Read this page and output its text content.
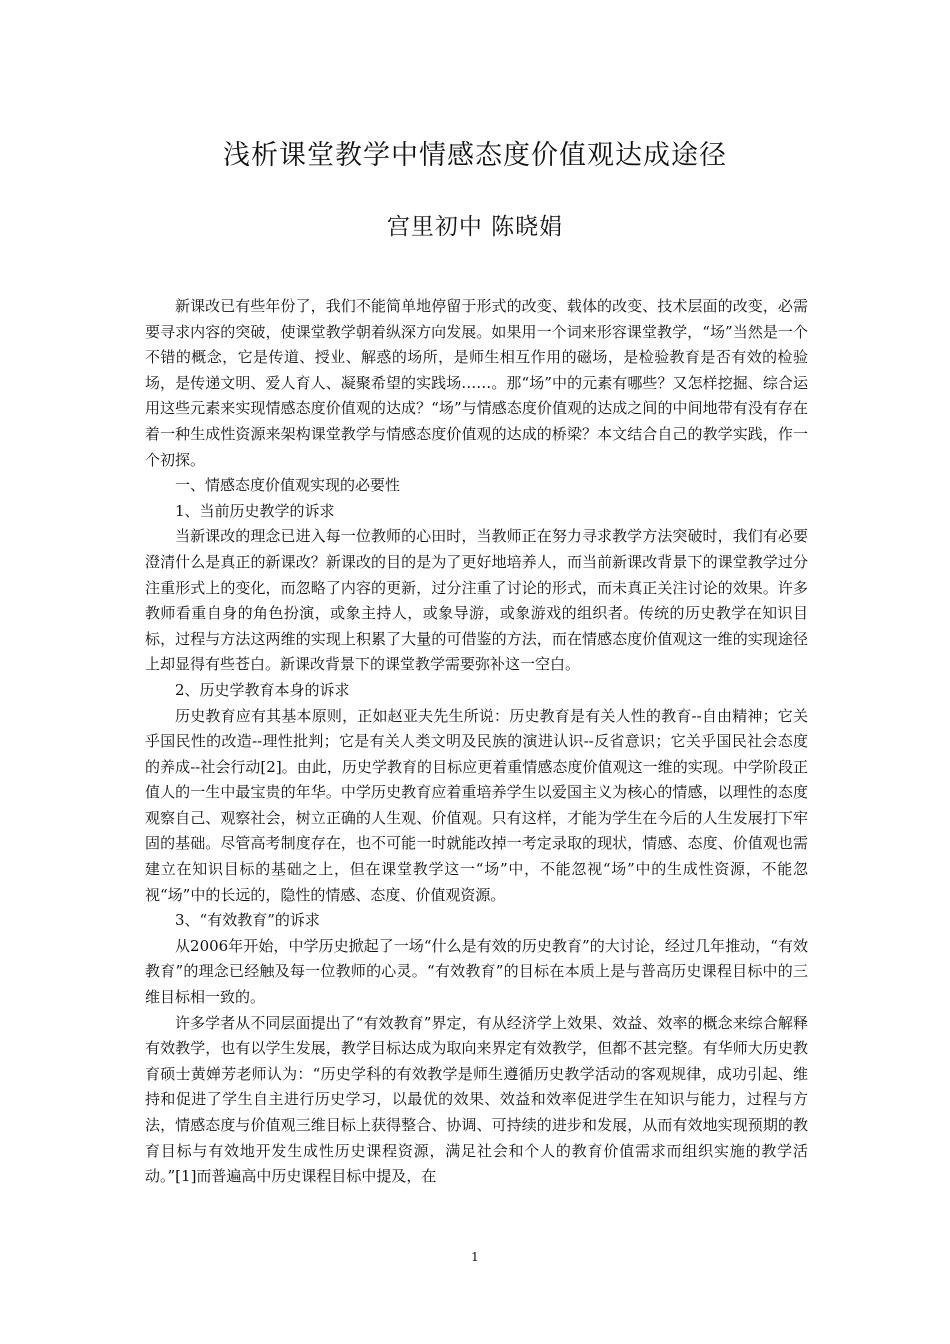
浅析课堂教学中情感态度价值观达成途径
宫里初中 陈晓娟

新课改已有些年份了，我们不能简单地停留于形式的改变、载体的改变、技术层面的改变，必需要寻求内容的突破，使课堂教学朝着纵深方向发展。如果用一个词来形容课堂教学，“场”当然是一个不错的概念，它是传道、授业、解惑的场所，是师生相互作用的磁场，是检验教育是否有效的检验场，是传递文明、爱人育人、凝聚希望的实践场……。那“场”中的元素有哪些？又怎样挖掘、综合运用这些元素来实现情感态度价值观的达成？“场”与情感态度价值观的达成之间的中间地带有没有存在着一种生成性资源来架构课堂教学与情感态度价值观的达成的桥梁？本文结合自己的教学实践，作一个初探。

一、情感态度价值观实现的必要性

1、当前历史教学的诉求

当新课改的理念已进入每一位教师的心田时，当教师正在努力寻求教学方法突破时，我们有必要澄清什么是真正的新课改？新课改的目的是为了更好地培养人，而当前新课改背景下的课堂教学过分注重形式上的变化，而忽略了内容的更新，过分注重了讨论的形式，而未真正关注讨论的效果。许多教师看重自身的角色扮演，或象主持人，或象导游，或象游戏的组织者。传统的历史教学在知识目标，过程与方法这两维的实现上积累了大量的可借鉴的方法，而在情感态度价值观这一维的实现途径上却显得有些苍白。新课改背景下的课堂教学需要弥补这一空白。

2、历史学教育本身的诉求

历史教育应有其基本原则，正如赵亚夫先生所说：历史教育是有关人性的教育--自由精神；它关乎国民性的改造--理性批判；它是有关人类文明及民族的演进认识--反省意识；它关乎国民社会态度的养成--社会行动[2]。由此，历史学教育的目标应更着重情感态度价值观这一维的实现。中学阶段正值人的一生中最宝贵的年华。中学历史教育应着重培养学生以爱国主义为核心的情感，以理性的态度观察自己、观察社会，树立正确的人生观、价值观。只有这样，才能为学生在今后的人生发展打下牢固的基础。尽管高考制度存在，也不可能一时就能改掉一考定录取的现状，情感、态度、价值观也需建立在知识目标的基础之上，但在课堂教学这一“场”中，不能忽视“场”中的生成性资源，不能忽视“场”中的长远的，隐性的情感、态度、价值观资源。

3、“有效教育”的诉求

从2006年开始，中学历史掀起了一场“什么是有效的历史教育”的大讨论，经过几年推动，“有效教育”的理念已经触及每一位教师的心灵。“有效教育”的目标在本质上是与普高历史课程目标中的三维目标相一致的。

许多学者从不同层面提出了“有效教育”界定，有从经济学上效果、效益、效率的概念来综合解释有效教学，也有以学生发展，教学目标达成为取向来界定有效教学，但都不甚完整。有华师大历史教育硕士黄婵芳老师认为：“历史学科的有效教学是师生遵循历史教学活动的客观规律，成功引起、维持和促进了学生自主进行历史学习，以最优的效果、效益和效率促进学生在知识与能力，过程与方法，情感态度与价值观三维目标上获得整合、协调、可持续的进步和发展，从而有效地实现预期的教育目标与有效地开发生成性历史课程资源，满足社会和个人的教育价值需求而组织实施的教学活动。”[1]而普遍高中历史课程目标中提及，在

1
